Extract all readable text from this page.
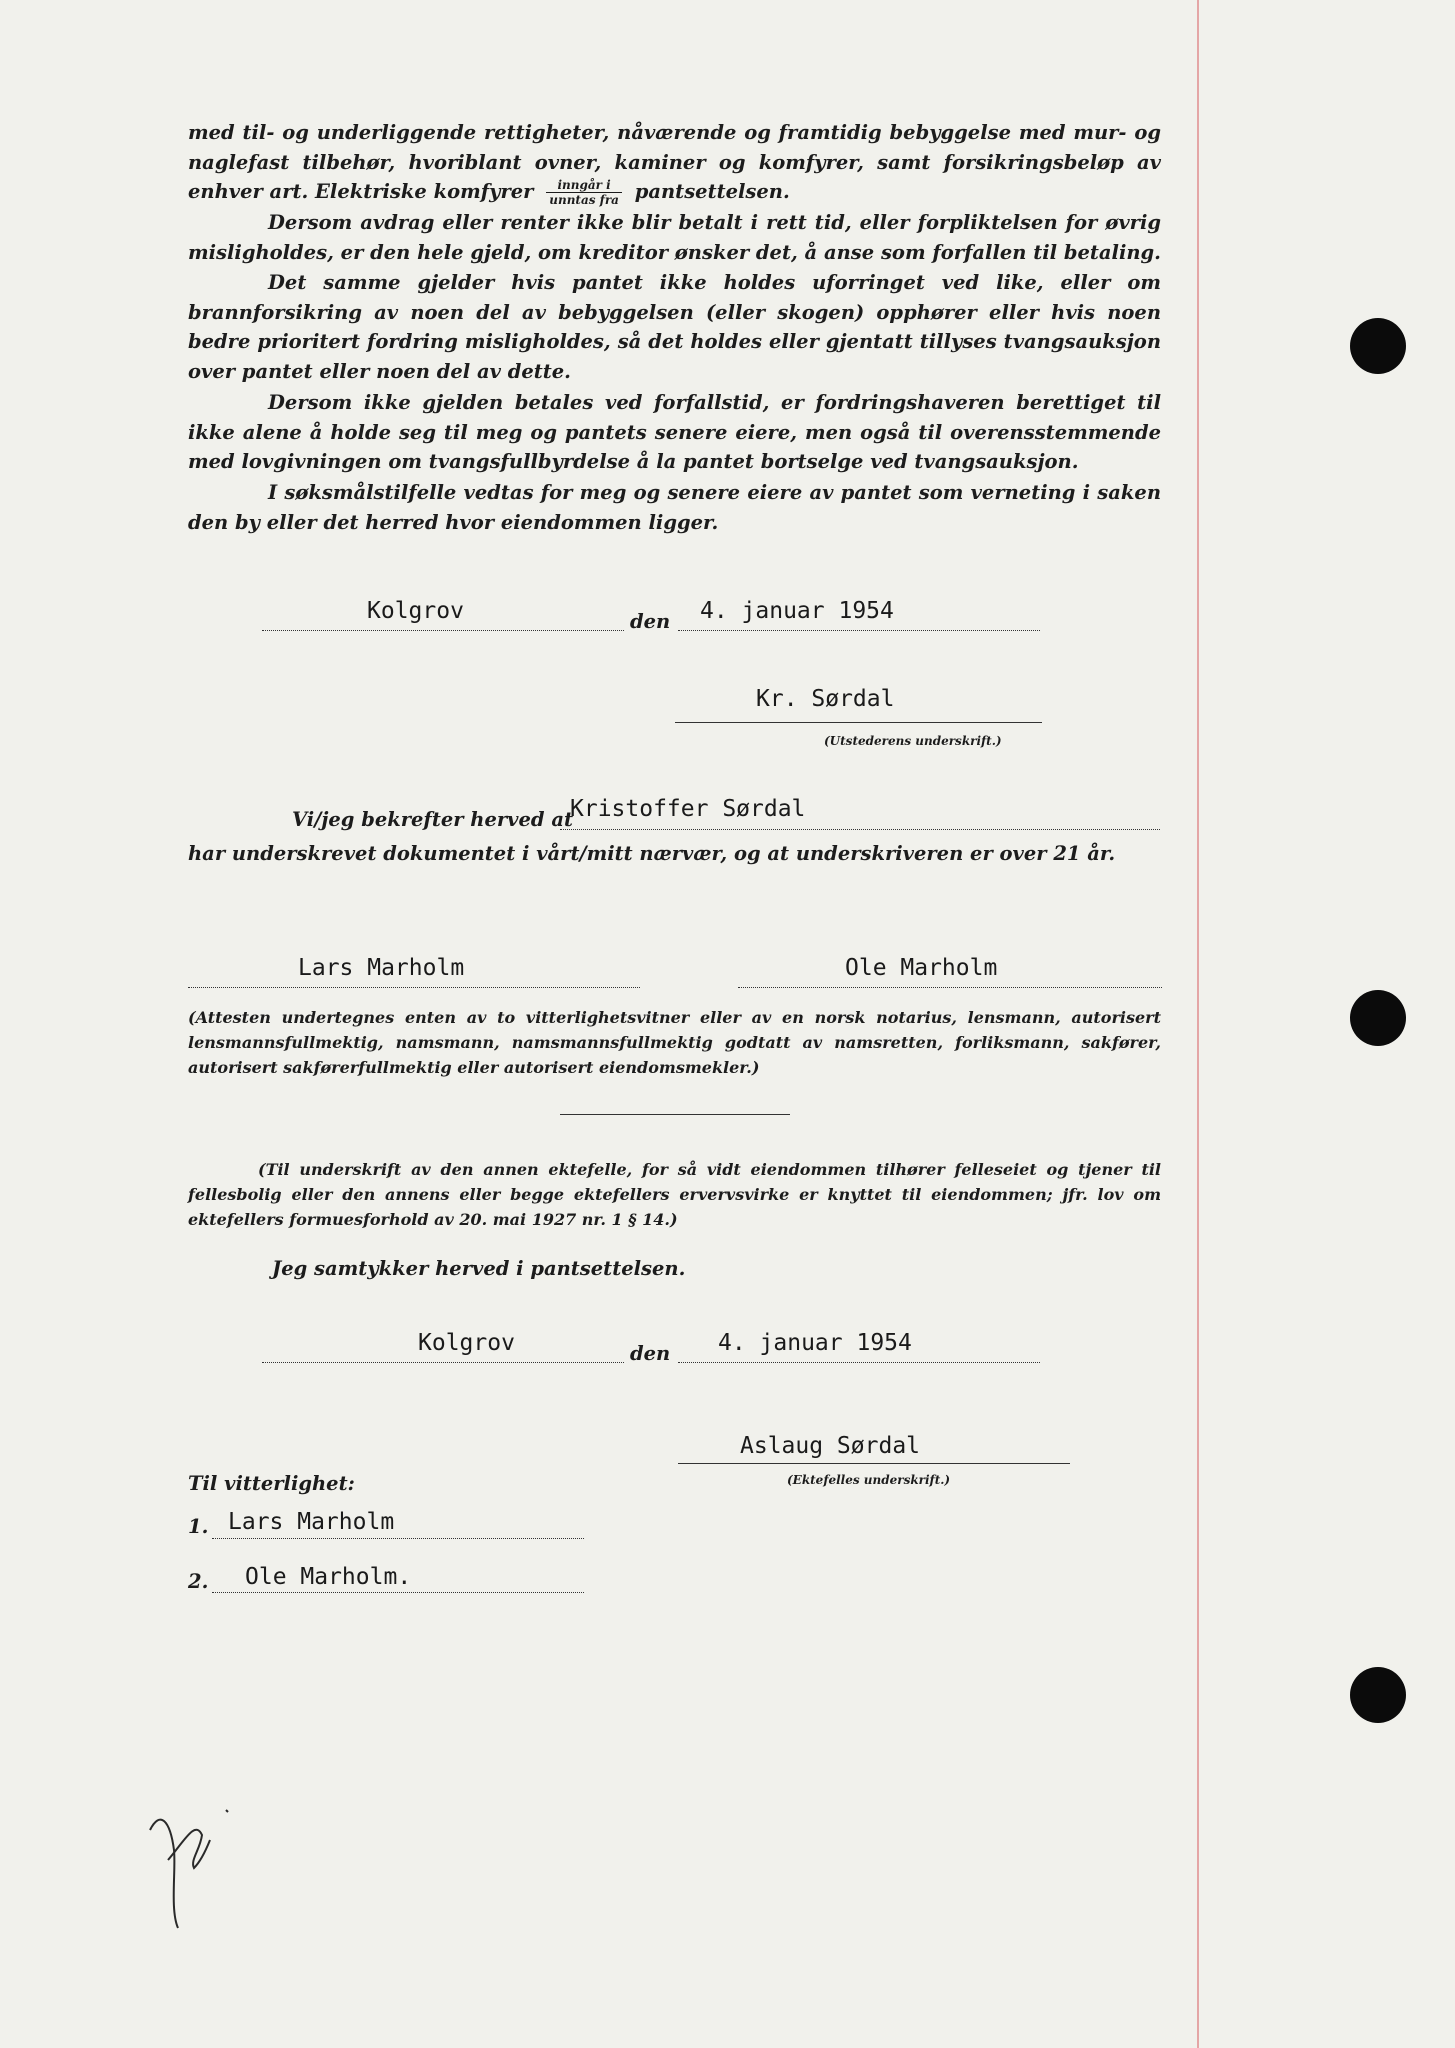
med til- og underliggende rettigheter, nåværende og framtidig bebyggelse med mur- og naglefast tilbehør, hvoriblant ovner, kaminer og komfyrer, samt forsikringsbeløp av enhver art. Elektriske komfyrer $\frac{\text{inngår i}}{\text{unntas fra}}$ pantsettelsen.

Dersom avdrag eller renter ikke blir betalt i rett tid, eller forpliktelsen for øvrig misligholdes, er den hele gjeld, om kreditor ønsker det, å anse som forfallen til betaling.

Det samme gjelder hvis pantet ikke holdes uforringet ved like, eller om brannforsikring av noen del av bebyggelsen (eller skogen) opphører eller hvis noen bedre prioritert fordring misligholdes, så det holdes eller gjentatt tillyses tvangsauksjon over pantet eller noen del av dette.

Dersom ikke gjelden betales ved forfallstid, er fordringshaveren berettiget til ikke alene å holde seg til meg og pantets senere eiere, men også til overensstemmende med lovgivningen om tvangsfullbyrdelse å la pantet bortselge ved tvangsauksjon.

I søksmålstilfelle vedtas for meg og senere eiere av pantet som verneting i saken den by eller det herred hvor eiendommen ligger.

Kolgrov	den 4. januar 1954
Kr. Sørdal
(Utstederens underskrift.)
Vi/jeg bekrefter herved at
Kristoffer Sørdal
har underskrevet dokumentet i vårt/mitt nærvær, og at underskriveren er over 21 år.
Lars Marholm	Ole Marholm

(Attesten undertegnes enten av to vitterlighetsvitner eller av en norsk notarius, lensmann, autorisert lensmannsfullmektig, namsmann, namsmannsfullmektig godtatt av namsretten, forliksmann, sakfører, autorisert sakførerfullmektig eller autorisert eiendomsmekler.)

(Til underskrift av den annen ektefelle, for så vidt eiendommen tilhører felleseiet og tjener til fellesbolig eller den annens eller begge ektefellers ervervsvirke er knyttet til eiendommen; jfr. lov om ektefellers formuesforhold av 20. mai 1927 nr. 1 § 14.)

Jeg samtykker herved i pantsettelsen.
Kolgrov	den 4. januar 1954
Aslaug Sørdal
(Ektefelles underskrift.)
Til vitterlighet:
1. Lars Marholm
2. Ole Marholm.
